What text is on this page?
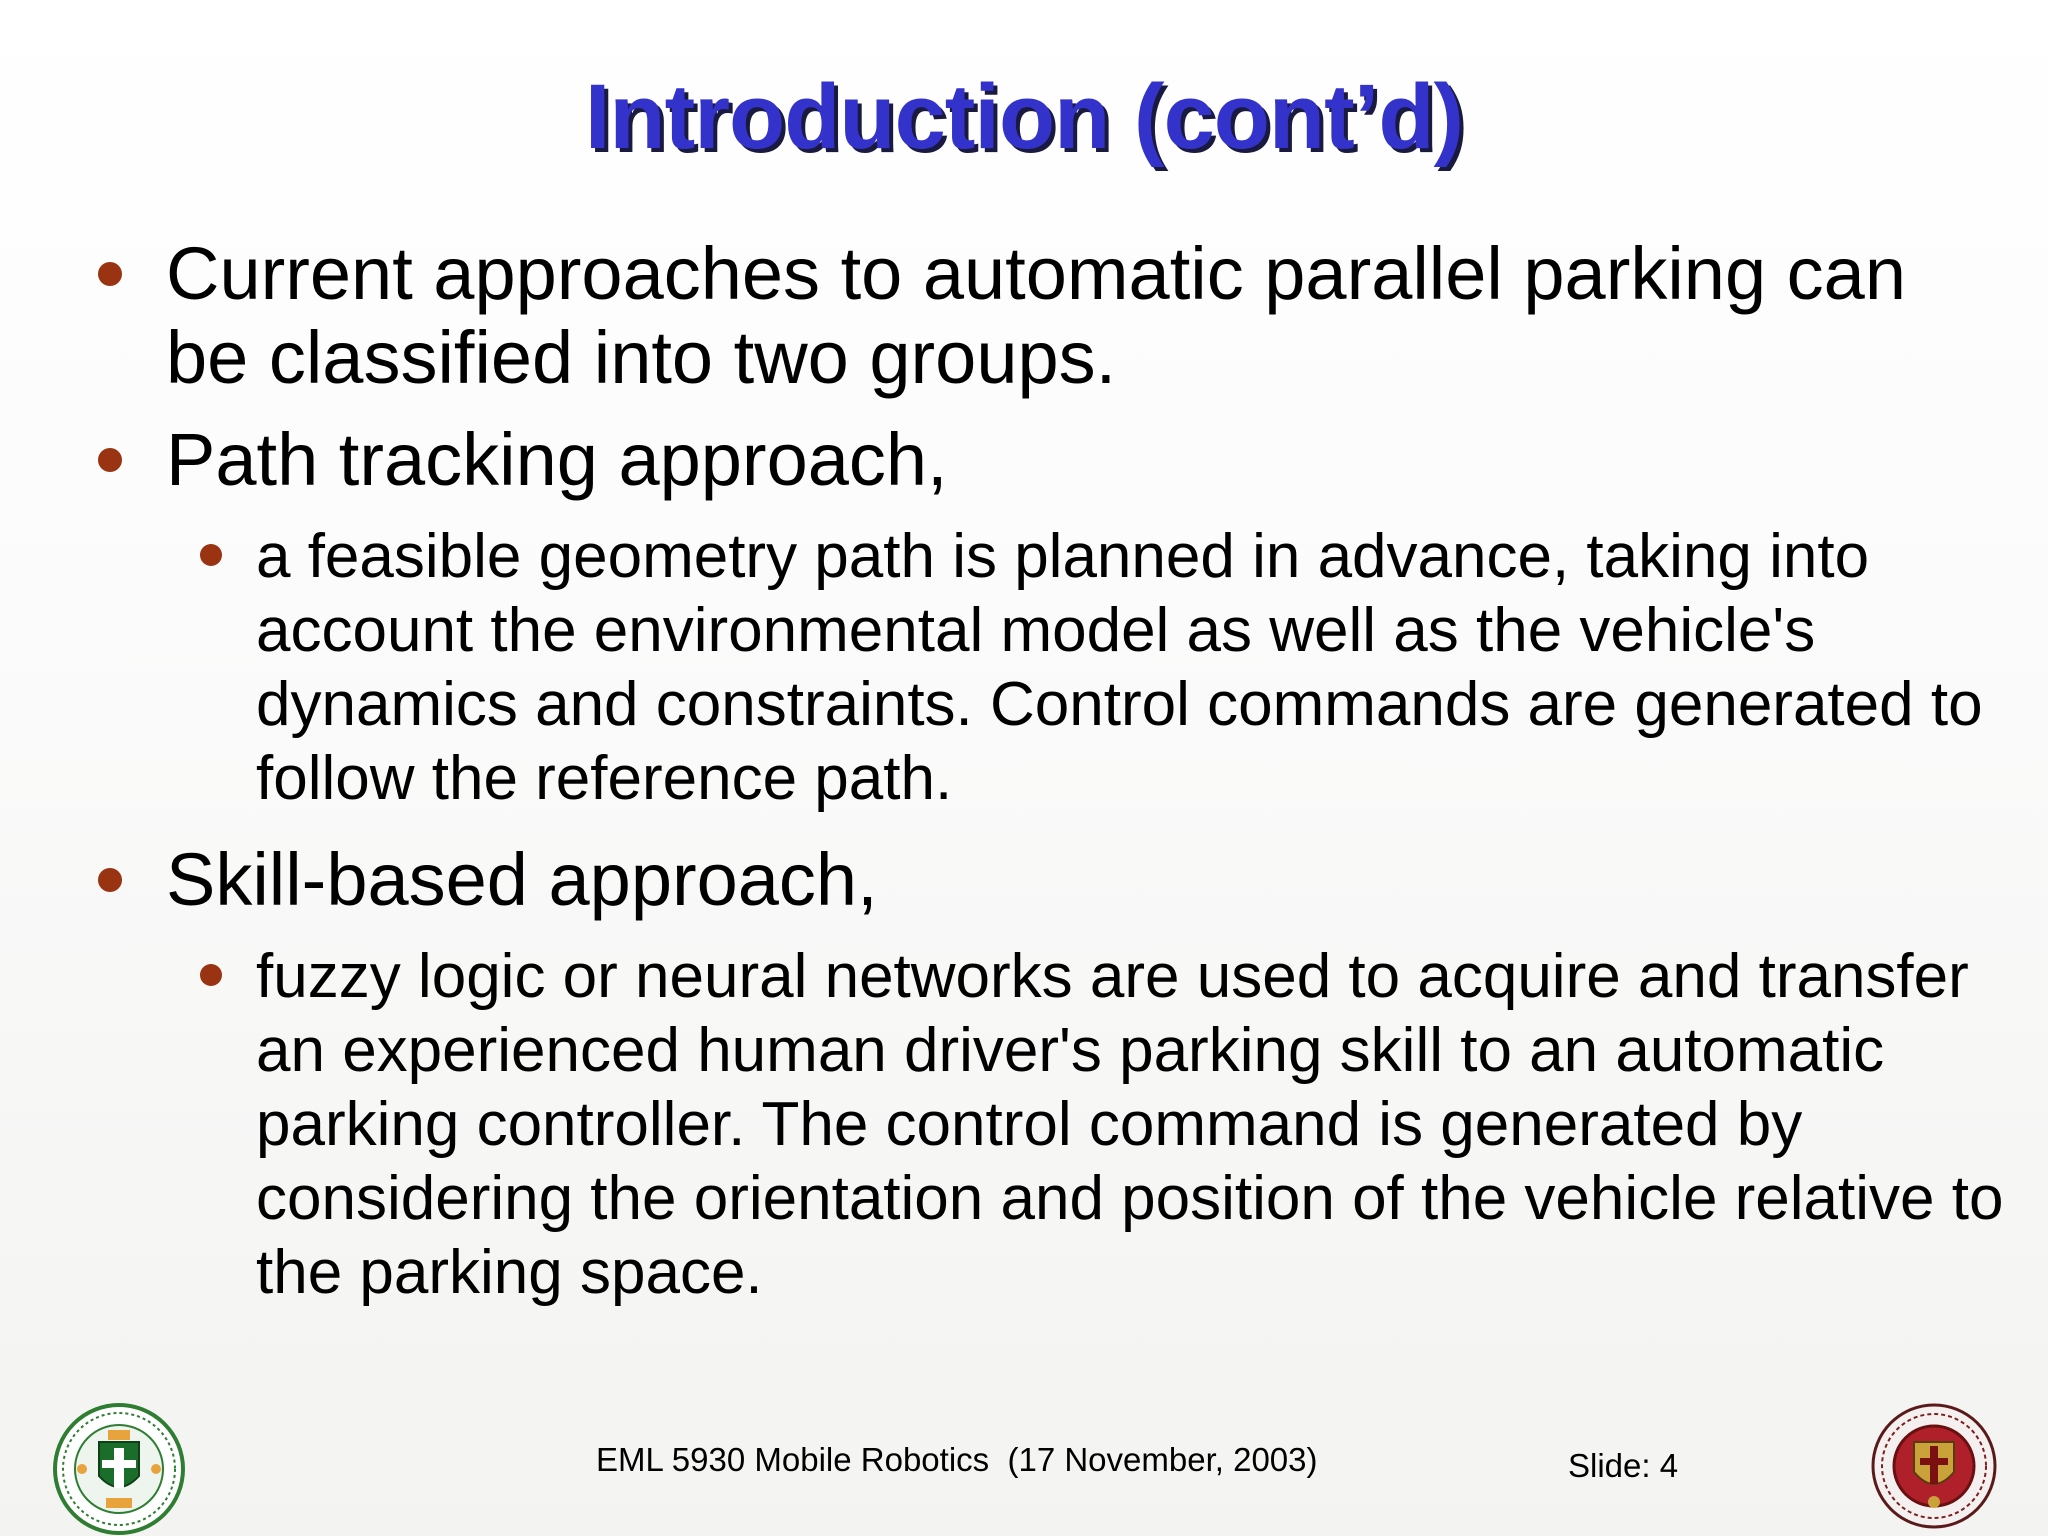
Introduction (cont’d)
Current approaches to automatic parallel parking can be classified into two groups.
Path tracking approach,
a feasible geometry path is planned in advance, taking into account the environmental model as well as the vehicle's dynamics and constraints. Control commands are generated to follow the reference path.
Skill-based approach,
fuzzy logic or neural networks are used to acquire and transfer an experienced human driver's parking skill to an automatic parking controller. The control command is generated by considering the orientation and position of the vehicle relative to the parking space.
EML 5930 Mobile Robotics  (17 November, 2003)	Slide: 4
